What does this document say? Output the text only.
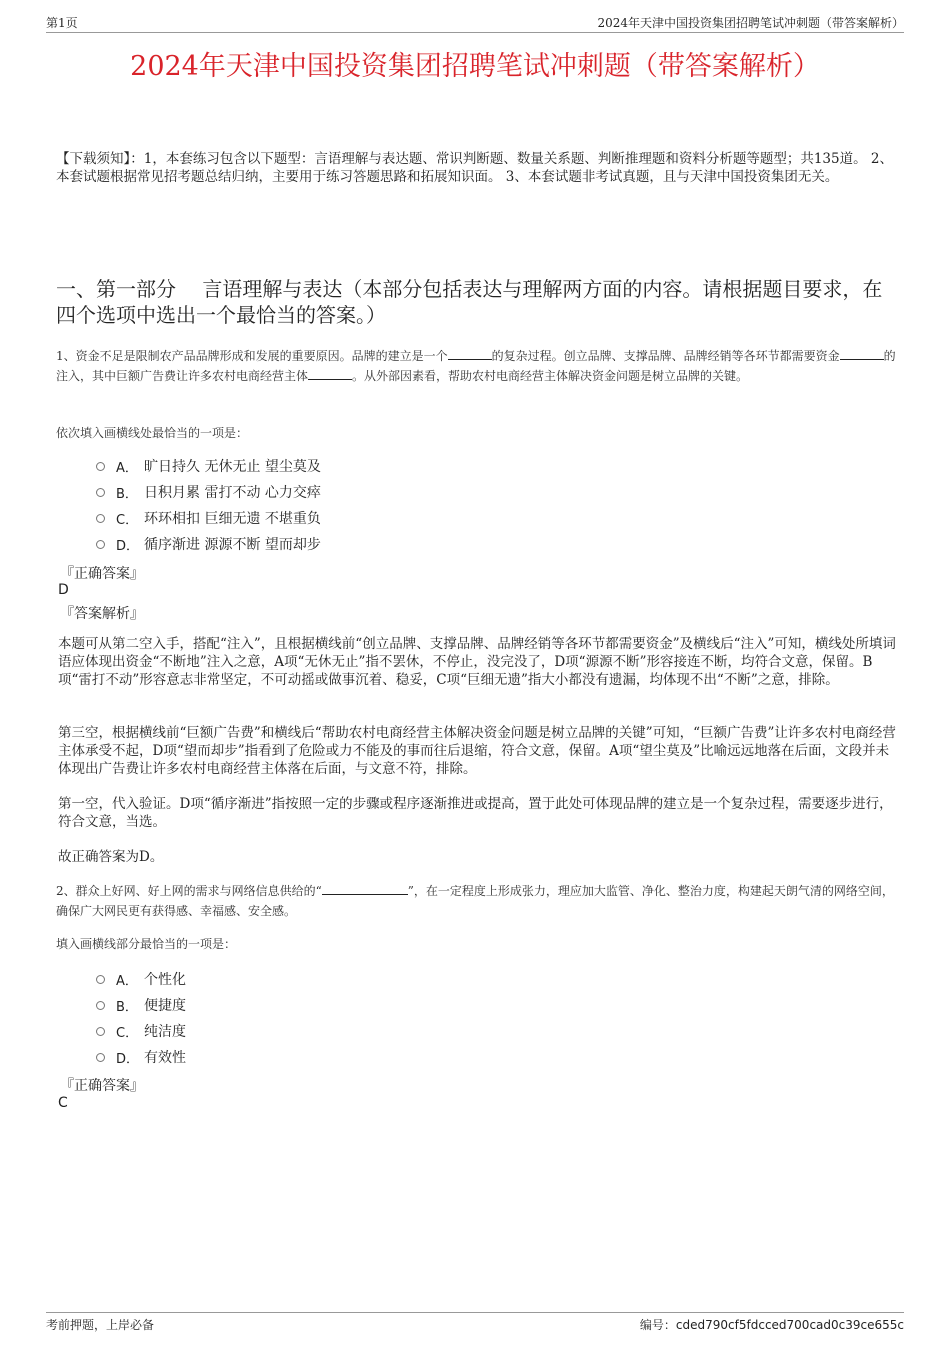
第1页	2024年天津中国投资集团招聘笔试冲刺题（带答案解析）
2024年天津中国投资集团招聘笔试冲刺题（带答案解析）
【下载须知】：1，本套练习包含以下题型：言语理解与表达题、常识判断题、数量关系题、判断推理题和资料分析题等题型；共135道。 2、本套试题根据常见招考题总结归纳，主要用于练习答题思路和拓展知识面。 3、本套试题非考试真题，且与天津中国投资集团无关。
一、第一部分　 言语理解与表达（本部分包括表达与理解两方面的内容。请根据题目要求，在四个选项中选出一个最恰当的答案。）
1、资金不足是限制农产品品牌形成和发展的重要原因。品牌的建立是一个	的复杂过程。创立品牌、支撑品牌、品牌经销等各环节都需要资金	的注入，其中巨额广告费让许多农村电商经营主体	。从外部因素看，帮助农村电商经营主体解决资金问题是树立品牌的关键。
依次填入画横线处最恰当的一项是：
A． 旷日持久 无休无止 望尘莫及
B． 日积月累 雷打不动 心力交瘁
C． 环环相扣 巨细无遗 不堪重负
D． 循序渐进 源源不断 望而却步
『正确答案』
D
『答案解析』
本题可从第二空入手，搭配“注入”，且根据横线前“创立品牌、支撑品牌、品牌经销等各环节都需要资金”及横线后“注入”可知，横线处所填词语应体现出资金“不断地”注入之意，A项“无休无止”指不罢休，不停止，没完没了，D项“源源不断”形容接连不断，均符合文意，保留。B项“雷打不动”形容意志非常坚定，不可动摇或做事沉着、稳妥，C项“巨细无遗”指大小都没有遗漏，均体现不出“不断”之意，排除。
第三空，根据横线前“巨额广告费”和横线后“帮助农村电商经营主体解决资金问题是树立品牌的关键”可知，“巨额广告费”让许多农村电商经营主体承受不起，D项“望而却步”指看到了危险或力不能及的事而往后退缩，符合文意，保留。A项“望尘莫及”比喻远远地落在后面，文段并未体现出广告费让许多农村电商经营主体落在后面，与文意不符，排除。
第一空，代入验证。D项“循序渐进”指按照一定的步骤或程序逐渐推进或提高，置于此处可体现品牌的建立是一个复杂过程，需要逐步进行，符合文意，当选。
故正确答案为D。
2、群众上好网、好上网的需求与网络信息供给的“	”，在一定程度上形成张力，理应加大监管、净化、整治力度，构建起天朗气清的网络空间，确保广大网民更有获得感、幸福感、安全感。
填入画横线部分最恰当的一项是：
A． 个性化
B． 便捷度
C． 纯洁度
D． 有效性
『正确答案』
C
考前押题，上岸必备	编号：cded790cf5fdcced700cad0c39ce655c
